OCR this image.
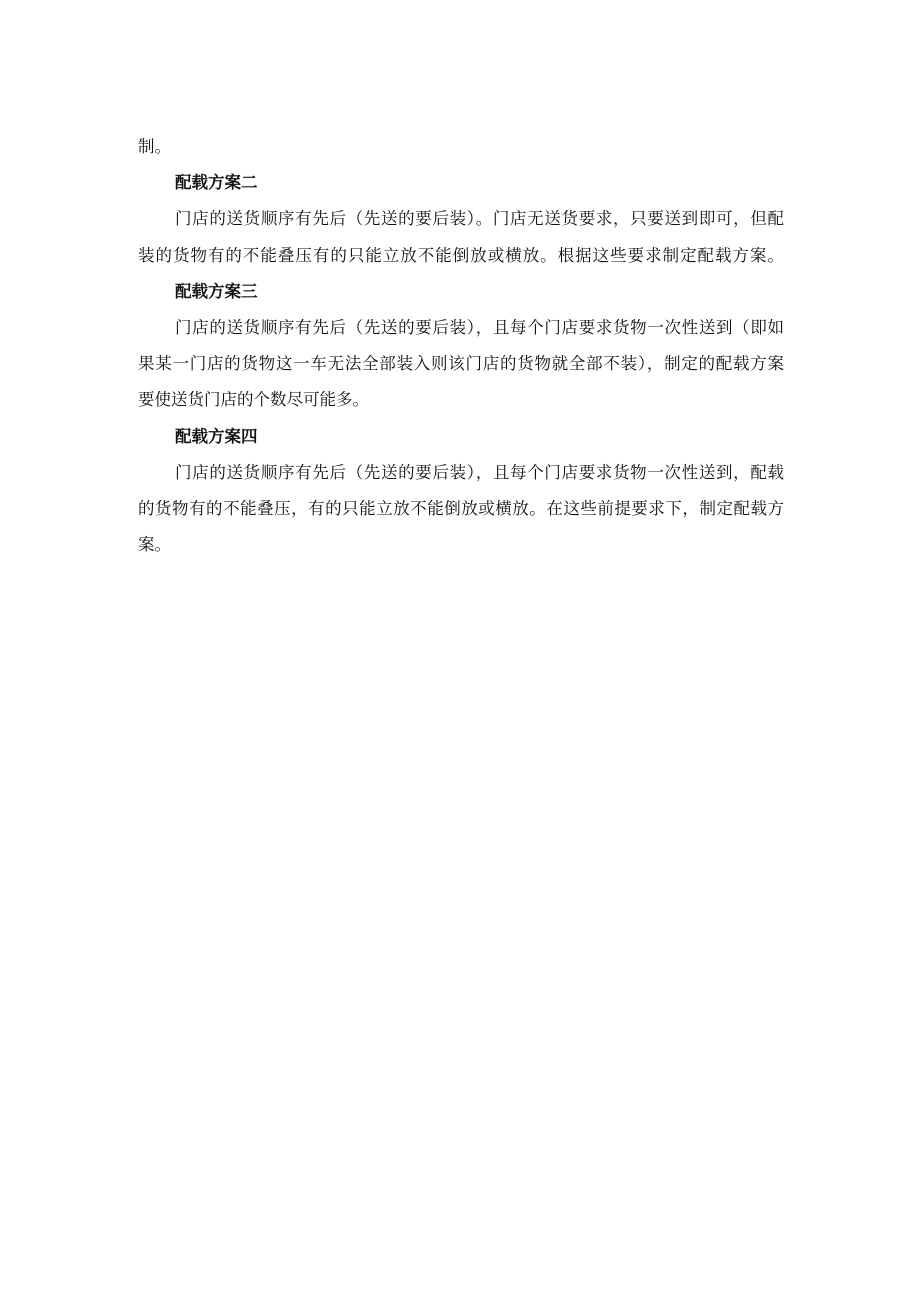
制。
配载方案二
门店的送货顺序有先后（先送的要后装）。门店无送货要求，只要送到即可，但配
装的货物有的不能叠压有的只能立放不能倒放或横放。根据这些要求制定配载方案。
配载方案三
门店的送货顺序有先后（先送的要后装），且每个门店要求货物一次性送到（即如
果某一门店的货物这一车无法全部装入则该门店的货物就全部不装），制定的配载方案
要使送货门店的个数尽可能多。
配载方案四
门店的送货顺序有先后（先送的要后装），且每个门店要求货物一次性送到，配载
的货物有的不能叠压，有的只能立放不能倒放或横放。在这些前提要求下，制定配载方
案。
